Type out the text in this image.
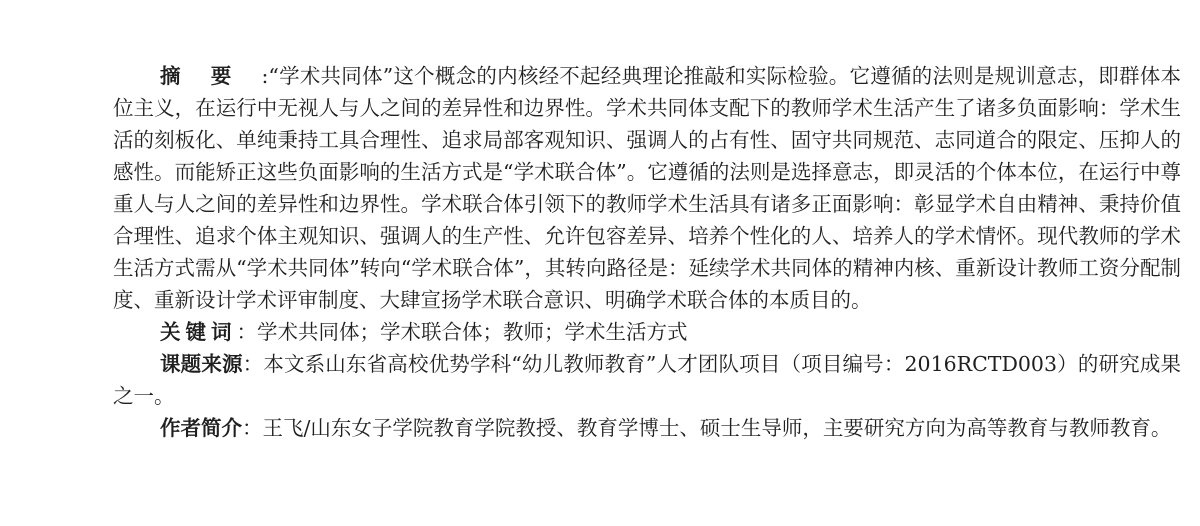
摘要:“学术共同体”这个概念的内核经不起经典理论推敲和实际检验。它遵循的法则是规训意志，即群体本位主义，在运行中无视人与人之间的差异性和边界性。学术共同体支配下的教师学术生活产生了诸多负面影响：学术生活的刻板化、单纯秉持工具合理性、追求局部客观知识、强调人的占有性、固守共同规范、志同道合的限定、压抑人的感性。而能矫正这些负面影响的生活方式是“学术联合体”。它遵循的法则是选择意志，即灵活的个体本位，在运行中尊重人与人之间的差异性和边界性。学术联合体引领下的教师学术生活具有诸多正面影响：彰显学术自由精神、秉持价值合理性、追求个体主观知识、强调人的生产性、允许包容差异、培养个性化的人、培养人的学术情怀。现代教师的学术生活方式需从“学术共同体”转向“学术联合体”，其转向路径是：延续学术共同体的精神内核、重新设计教师工资分配制度、重新设计学术评审制度、大肆宣扬学术联合意识、明确学术联合体的本质目的。

关键词：学术共同体；学术联合体；教师；学术生活方式

课题来源：本文系山东省高校优势学科“幼儿教师教育”人才团队项目（项目编号：2016RCTD003）的研究成果之一。

作者简介：王飞/山东女子学院教育学院教授、教育学博士、硕士生导师，主要研究方向为高等教育与教师教育。
